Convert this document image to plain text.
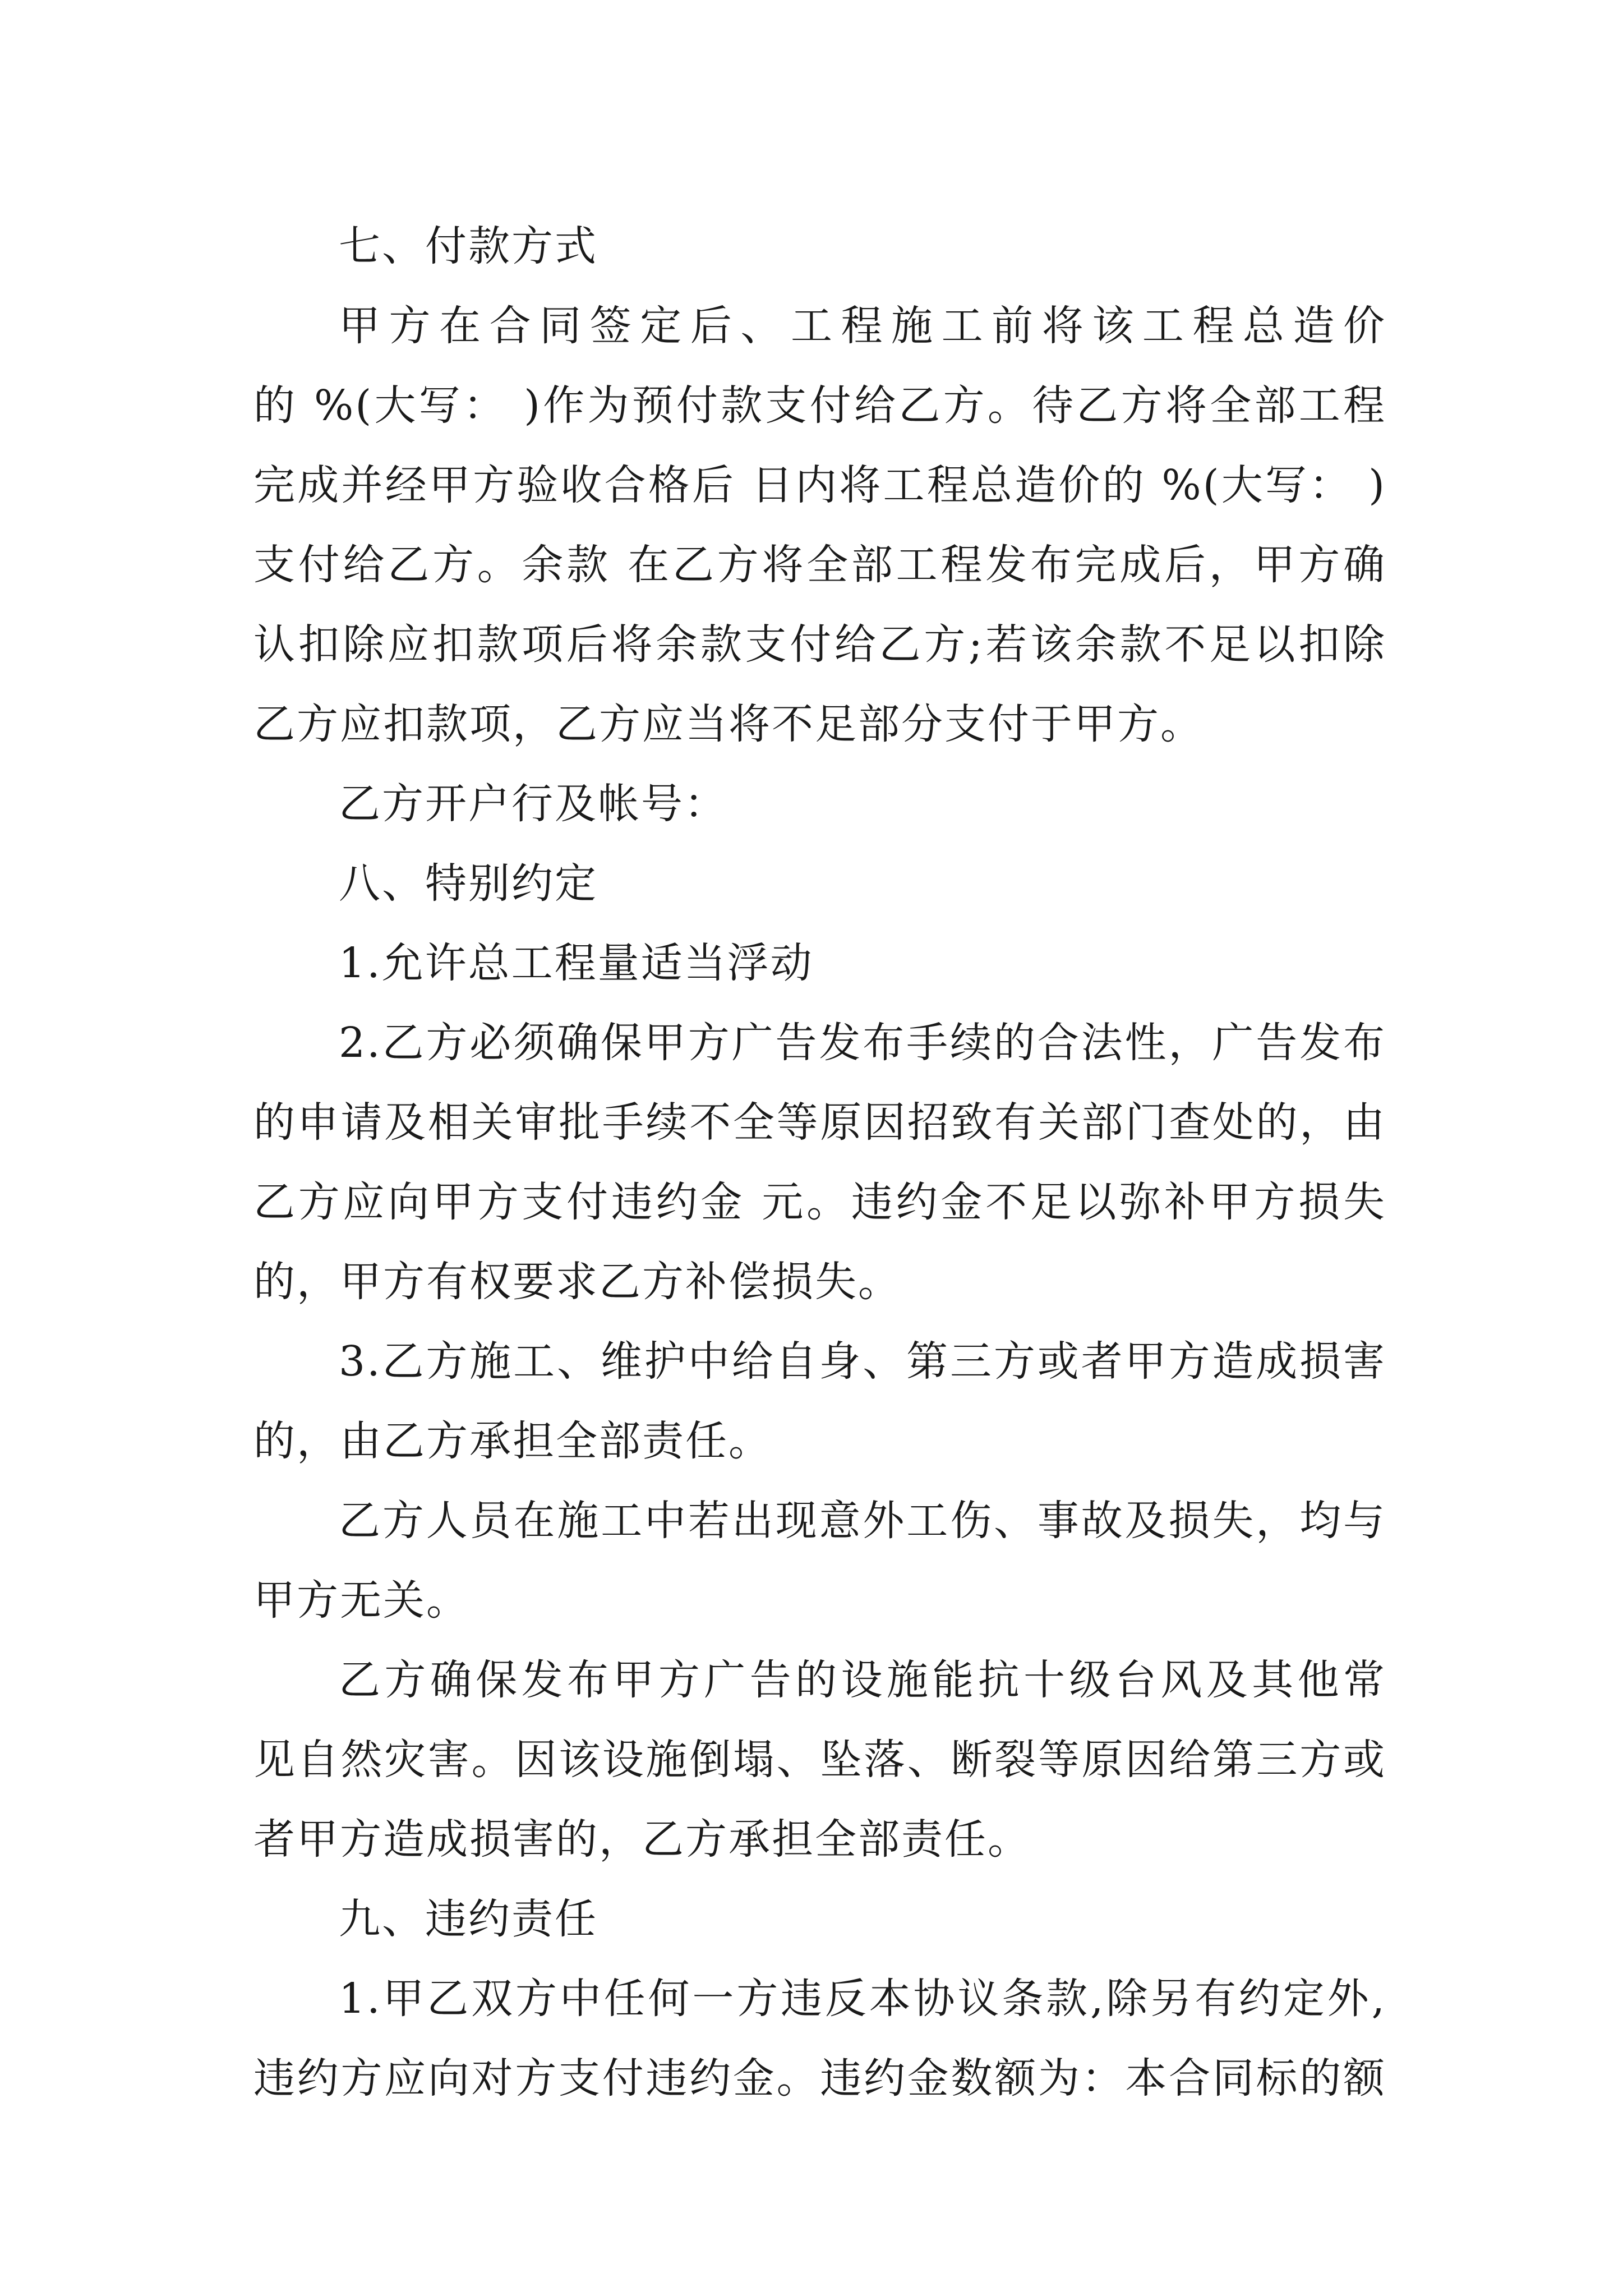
七、付款方式
甲方在合同签定后、工程施工前将该工程总造价
的 %(大写： )作为预付款支付给乙方。待乙方将全部工程
完成并经甲方验收合格后 日内将工程总造价的 %(大写： )
支付给乙方。余款 在乙方将全部工程发布完成后，甲方确
认扣除应扣款项后将余款支付给乙方;若该余款不足以扣除
乙方应扣款项，乙方应当将不足部分支付于甲方。
乙方开户行及帐号：
八、特别约定
1.允许总工程量适当浮动
2.乙方必须确保甲方广告发布手续的合法性，广告发布
的申请及相关审批手续不全等原因招致有关部门查处的，由
乙方应向甲方支付违约金 元。违约金不足以弥补甲方损失
的，甲方有权要求乙方补偿损失。
3.乙方施工、维护中给自身、第三方或者甲方造成损害
的，由乙方承担全部责任。
乙方人员在施工中若出现意外工伤、事故及损失，均与
甲方无关。
乙方确保发布甲方广告的设施能抗十级台风及其他常
见自然灾害。因该设施倒塌、坠落、断裂等原因给第三方或
者甲方造成损害的，乙方承担全部责任。
九、违约责任
1.甲乙双方中任何一方违反本协议条款,除另有约定外,
违约方应向对方支付违约金。违约金数额为：本合同标的额
